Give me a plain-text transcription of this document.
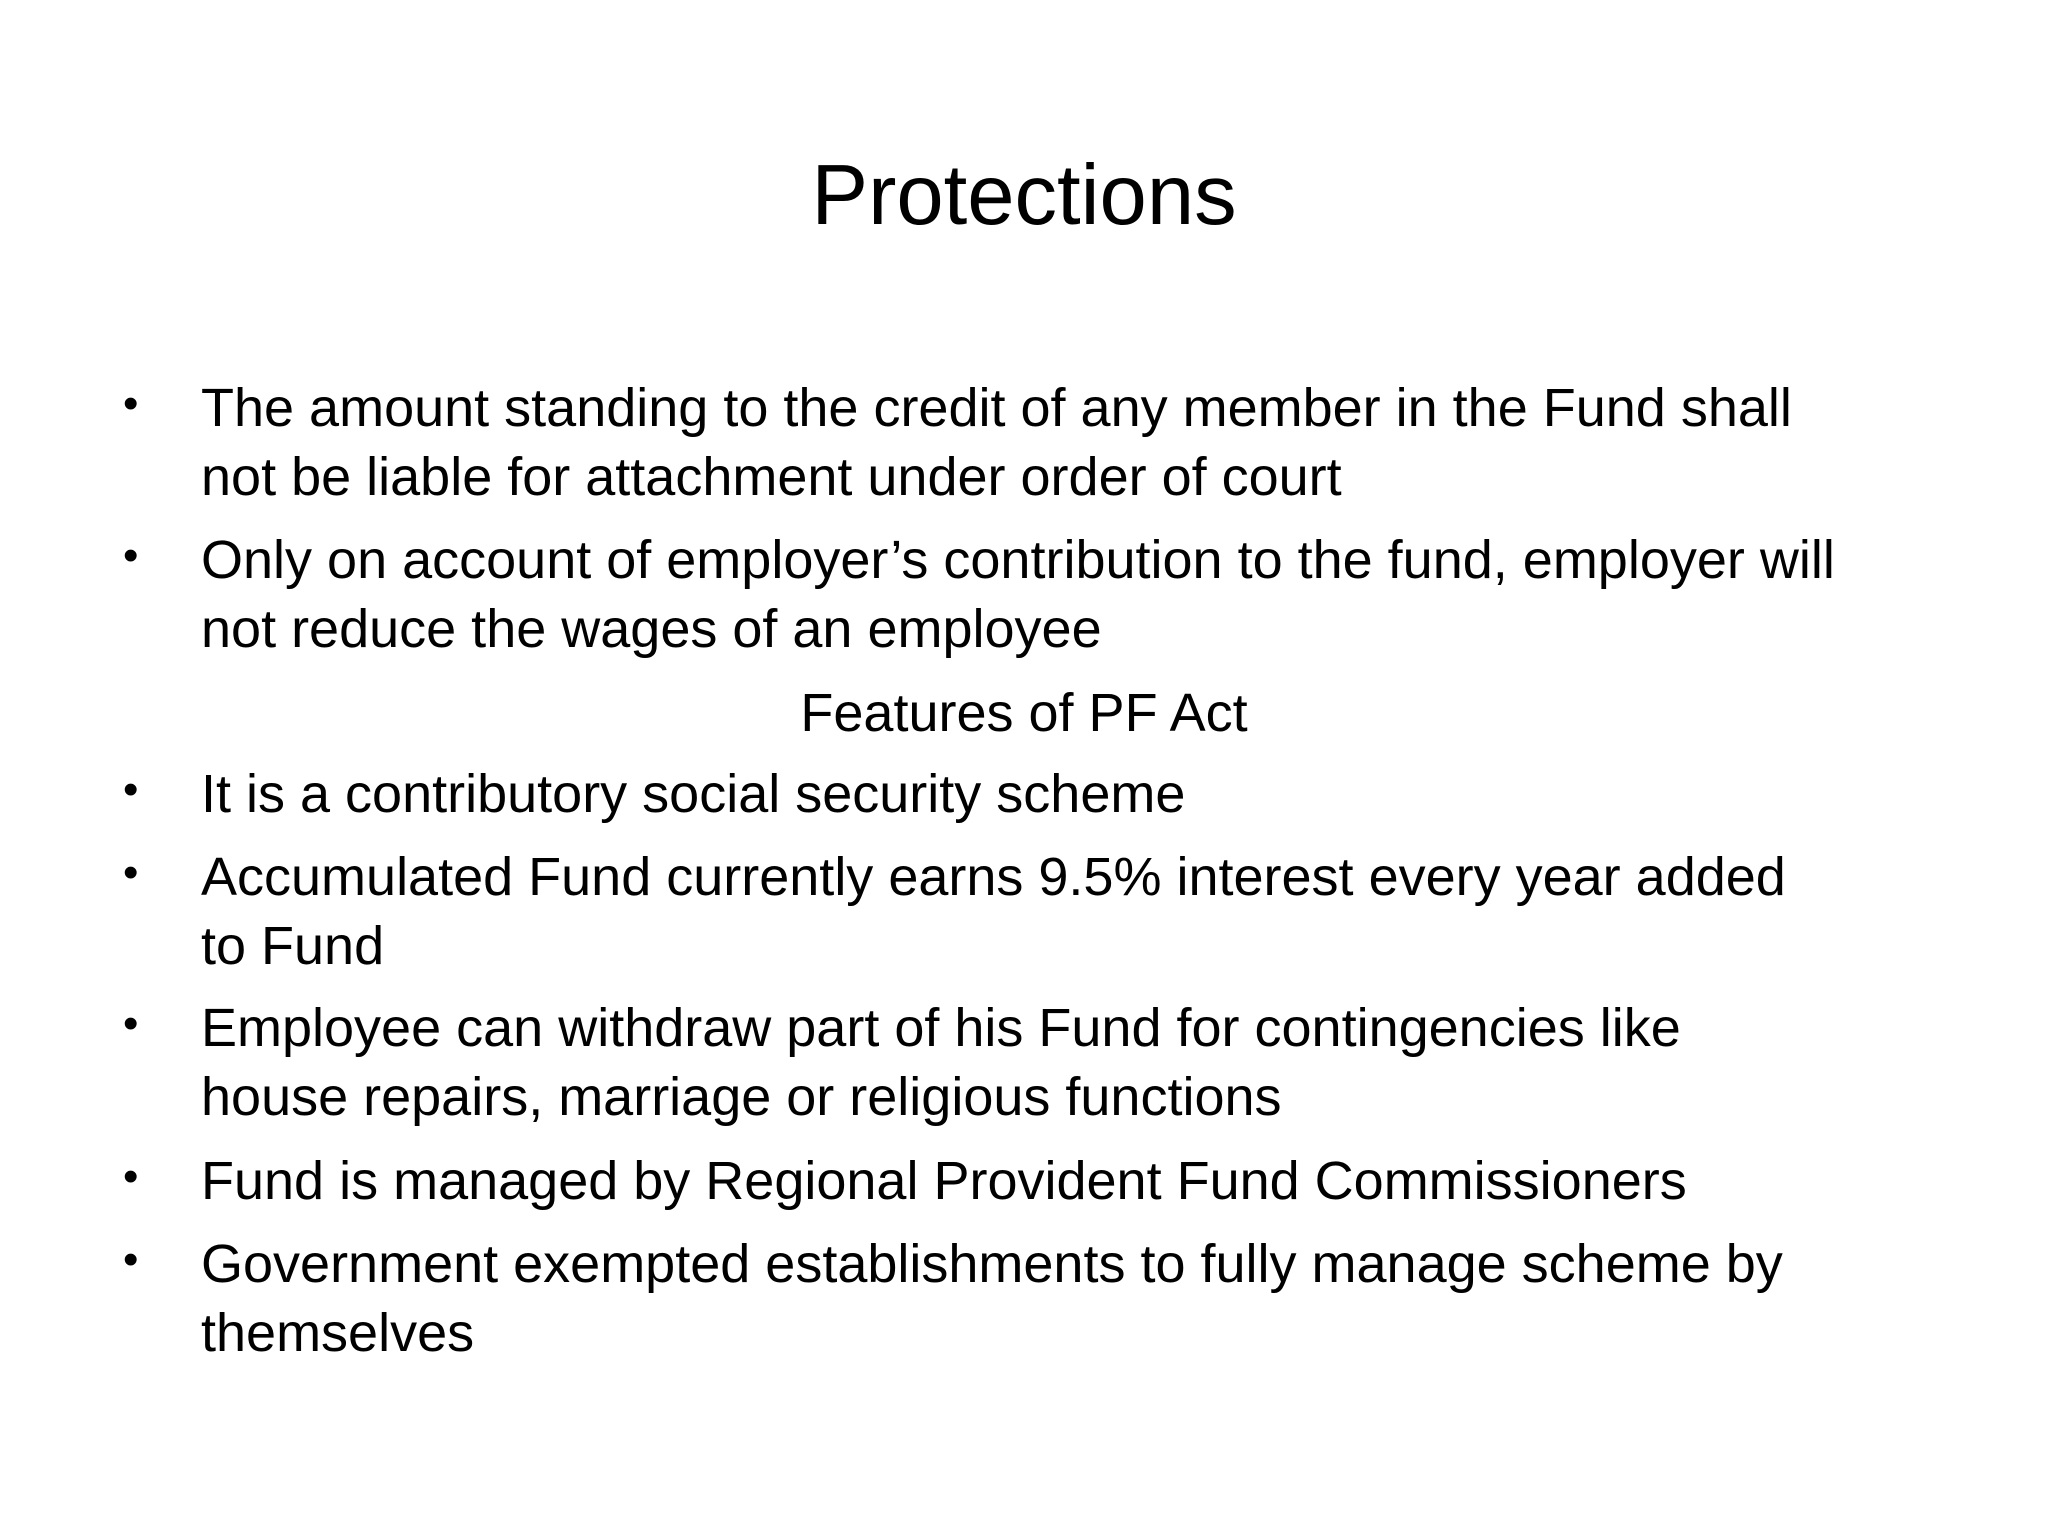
Protections
• The amount standing to the credit of any member in the Fund shall
not be liable for attachment under order of court
• Only on account of employer’s contribution to the fund, employer will
not reduce the wages of an employee
Features of PF Act
• It is a contributory social security scheme
• Accumulated Fund currently earns 9.5% interest every year added
to Fund
• Employee can withdraw part of his Fund for contingencies like
house repairs, marriage or religious functions
• Fund is managed by Regional Provident Fund Commissioners
• Government exempted establishments to fully manage scheme by
themselves
